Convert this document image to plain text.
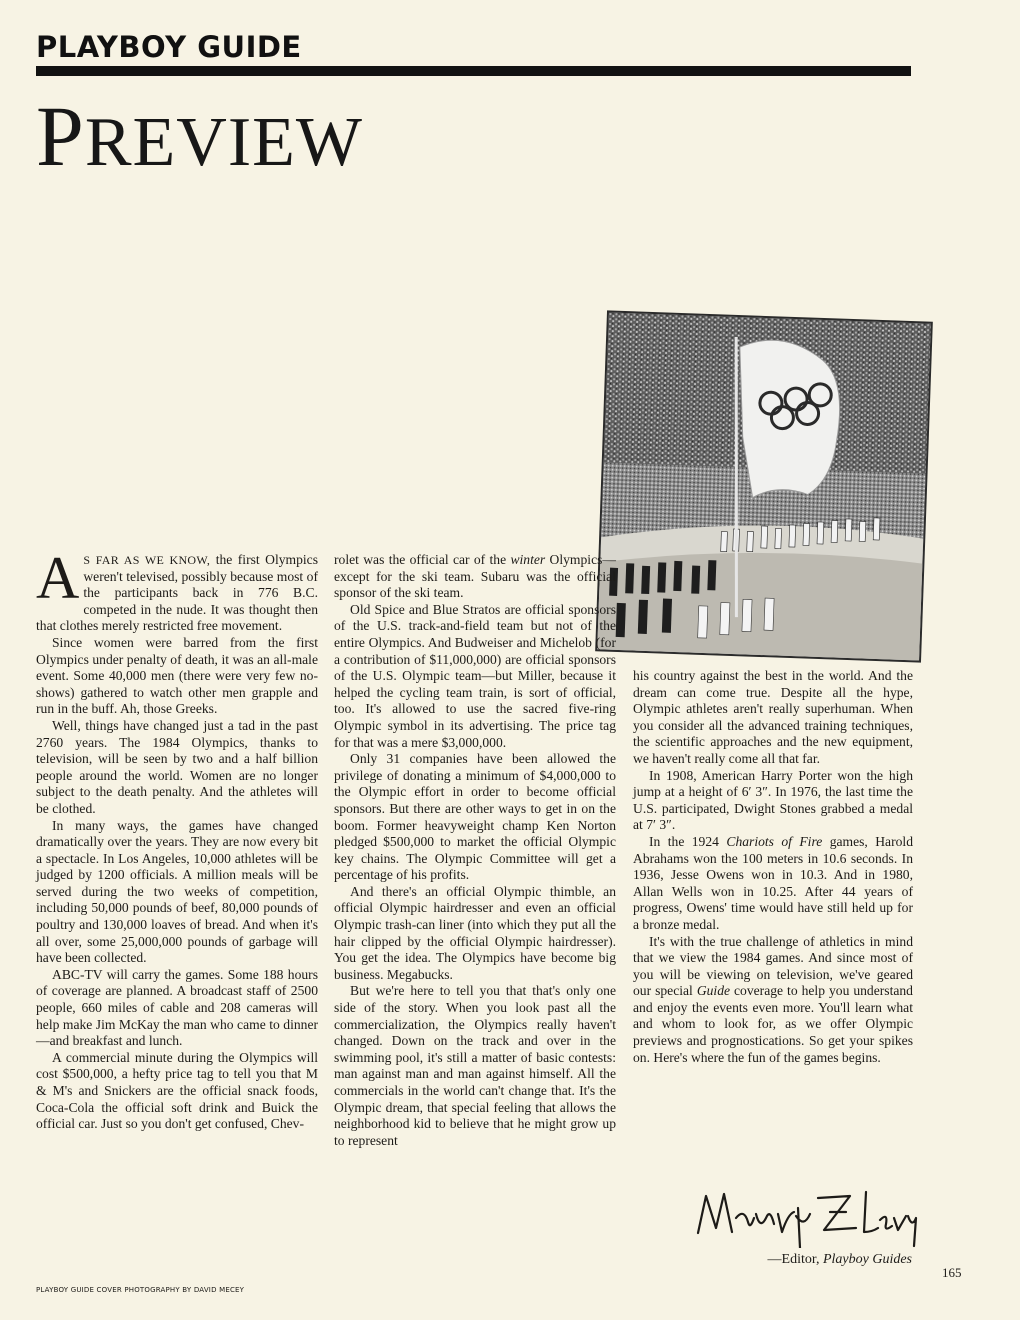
PLAYBOY GUIDE
PREVIEW

A S FAR AS WE KNOW, the first Olympics weren't televised, possibly because most of the participants back in 776 B.C. competed in the nude. It was thought then that clothes merely restricted free movement.

Since women were barred from the first Olympics under penalty of death, it was an all-male event. Some 40,000 men (there were very few no-shows) gathered to watch other men grapple and run in the buff. Ah, those Greeks.

Well, things have changed just a tad in the past 2760 years. The 1984 Olympics, thanks to television, will be seen by two and a half billion people around the world. Women are no longer subject to the death penalty. And the athletes will be clothed.

In many ways, the games have changed dramatically over the years. They are now every bit a spectacle. In Los Angeles, 10,000 athletes will be judged by 1200 officials. A million meals will be served during the two weeks of competition, including 50,000 pounds of beef, 80,000 pounds of poultry and 130,000 loaves of bread. And when it's all over, some 25,000,000 pounds of garbage will have been collected.

ABC-TV will carry the games. Some 188 hours of coverage are planned. A broadcast staff of 2500 people, 660 miles of cable and 208 cameras will help make Jim McKay the man who came to dinner—and breakfast and lunch.

A commercial minute during the Olympics will cost $500,000, a hefty price tag to tell you that M & M's and Snickers are the official snack foods, Coca-Cola the official soft drink and Buick the official car. Just so you don't get confused, Chev-

rolet was the official car of the winter Olympics—except for the ski team. Subaru was the official sponsor of the ski team.

Old Spice and Blue Stratos are official sponsors of the U.S. track-and-field team but not of the entire Olympics. And Budweiser and Michelob (for a contribution of $11,000,000) are official sponsors of the U.S. Olympic team—but Miller, because it helped the cycling team train, is sort of official, too. It's allowed to use the sacred five-ring Olympic symbol in its advertising. The price tag for that was a mere $3,000,000.

Only 31 companies have been allowed the privilege of donating a minimum of $4,000,000 to the Olympic effort in order to become official sponsors. But there are other ways to get in on the boom. Former heavyweight champ Ken Norton pledged $500,000 to market the official Olympic key chains. The Olympic Committee will get a percentage of his profits.

And there's an official Olympic thimble, an official Olympic hairdresser and even an official Olympic trash-can liner (into which they put all the hair clipped by the official Olympic hairdresser). You get the idea. The Olympics have become big business. Megabucks.

But we're here to tell you that that's only one side of the story. When you look past all the commercialization, the Olympics really haven't changed. Down on the track and over in the swimming pool, it's still a matter of basic contests: man against man and man against himself. All the commercials in the world can't change that. It's the Olympic dream, that special feeling that allows the neighborhood kid to believe that he might grow up to represent

his country against the best in the world. And the dream can come true. Despite all the hype, Olympic athletes aren't really superhuman. When you consider all the advanced training techniques, the scientific approaches and the new equipment, we haven't really come all that far.

In 1908, American Harry Porter won the high jump at a height of 6′ 3″. In 1976, the last time the U.S. participated, Dwight Stones grabbed a medal at 7′ 3″.

In the 1924 Chariots of Fire games, Harold Abrahams won the 100 meters in 10.6 seconds. In 1936, Jesse Owens won in 10.3. And in 1980, Allan Wells won in 10.25. After 44 years of progress, Owens' time would have still held up for a bronze medal.

It's with the true challenge of athletics in mind that we view the 1984 games. And since most of you will be viewing on television, we've geared our special Guide coverage to help you understand and enjoy the events even more. You'll learn what and whom to look for, as we offer Olympic previews and prognostications. So get your spikes on. Here's where the fun of the games begins.

—Editor, Playboy Guides
165
PLAYBOY GUIDE COVER PHOTOGRAPHY BY DAVID MECEY
